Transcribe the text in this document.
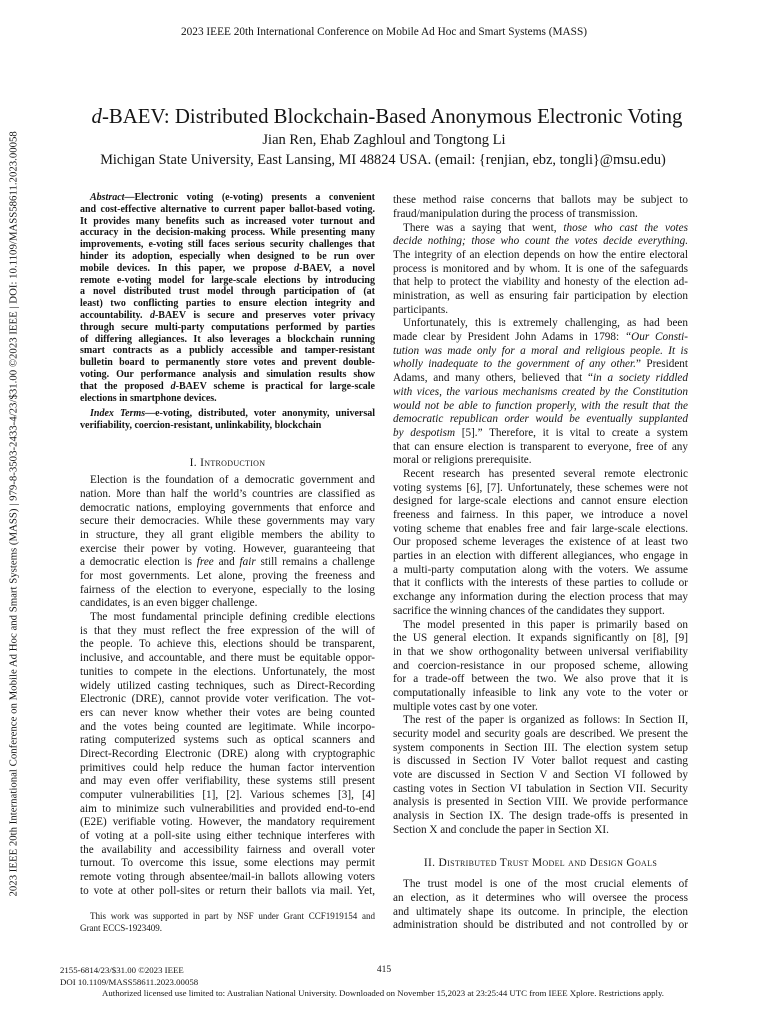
2023 IEEE 20th International Conference on Mobile Ad Hoc and Smart Systems (MASS)
2023 IEEE 20th International Conference on Mobile Ad Hoc and Smart Systems (MASS) | 979-8-3503-2433-4/23/$31.00 ©2023 IEEE | DOI: 10.1109/MASS58611.2023.00058
d-BAEV: Distributed Blockchain-Based Anonymous Electronic Voting
Jian Ren, Ehab Zaghloul and Tongtong Li
Michigan State University, East Lansing, MI 48824 USA. (email: {renjian, ebz, tongli}@msu.edu)
Abstract—Electronic voting (e-voting) presents a convenient
and cost-effective alternative to current paper ballot-based voting.
It provides many benefits such as increased voter turnout and
accuracy in the decision-making process. While presenting many
improvements, e-voting still faces serious security challenges that
hinder its adoption, especially when designed to be run over
mobile devices. In this paper, we propose d-BAEV, a novel
remote e-voting model for large-scale elections by introducing
a novel distributed trust model through participation of (at
least) two conflicting parties to ensure election integrity and
accountability. d-BAEV is secure and preserves voter privacy
through secure multi-party computations performed by parties
of differing allegiances. It also leverages a blockchain running
smart contracts as a publicly accessible and tamper-resistant
bulletin board to permanently store votes and prevent double-
voting. Our performance analysis and simulation results show
that the proposed d-BAEV scheme is practical for large-scale
elections in smartphone devices.
Index Terms—e-voting, distributed, voter anonymity, universal
verifiability, coercion-resistant, unlinkability, blockchain
I. Introduction
Election is the foundation of a democratic government and
nation. More than half the world’s countries are classified as
democratic nations, employing governments that enforce and
secure their democracies. While these governments may vary
in structure, they all grant eligible members the ability to
exercise their power by voting. However, guaranteeing that
a democratic election is free and fair still remains a challenge
for most governments. Let alone, proving the freeness and
fairness of the election to everyone, especially to the losing
candidates, is an even bigger challenge.
The most fundamental principle defining credible elections
is that they must reflect the free expression of the will of
the people. To achieve this, elections should be transparent,
inclusive, and accountable, and there must be equitable oppor-
tunities to compete in the elections. Unfortunately, the most
widely utilized casting techniques, such as Direct-Recording
Electronic (DRE), cannot provide voter verification. The vot-
ers can never know whether their votes are being counted
and the votes being counted are legitimate. While incorpo-
rating computerized systems such as optical scanners and
Direct-Recording Electronic (DRE) along with cryptographic
primitives could help reduce the human factor intervention
and may even offer verifiability, these systems still present
computer vulnerabilities [1], [2]. Various schemes [3], [4]
aim to minimize such vulnerabilities and provided end-to-end
(E2E) verifiable voting. However, the mandatory requirement
of voting at a poll-site using either technique interferes with
the availability and accessibility fairness and overall voter
turnout. To overcome this issue, some elections may permit
remote voting through absentee/mail-in ballots allowing voters
to vote at other poll-sites or return their ballots via mail. Yet,
This work was supported in part by NSF under Grant CCF1919154 and
Grant ECCS-1923409.
these method raise concerns that ballots may be subject to
fraud/manipulation during the process of transmission.
There was a saying that went, those who cast the votes
decide nothing; those who count the votes decide everything.
The integrity of an election depends on how the entire electoral
process is monitored and by whom. It is one of the safeguards
that help to protect the viability and honesty of the election ad-
ministration, as well as ensuring fair participation by election
participants.
Unfortunately, this is extremely challenging, as had been
made clear by President John Adams in 1798: “Our Consti-
tution was made only for a moral and religious people. It is
wholly inadequate to the government of any other.” President
Adams, and many others, believed that “in a society riddled
with vices, the various mechanisms created by the Constitution
would not be able to function properly, with the result that the
democratic republican order would be eventually supplanted
by despotism [5].” Therefore, it is vital to create a system
that can ensure election is transparent to everyone, free of any
moral or religions prerequisite.
Recent research has presented several remote electronic
voting systems [6], [7]. Unfortunately, these schemes were not
designed for large-scale elections and cannot ensure election
freeness and fairness. In this paper, we introduce a novel
voting scheme that enables free and fair large-scale elections.
Our proposed scheme leverages the existence of at least two
parties in an election with different allegiances, who engage in
a multi-party computation along with the voters. We assume
that it conflicts with the interests of these parties to collude or
exchange any information during the election process that may
sacrifice the winning chances of the candidates they support.
The model presented in this paper is primarily based on
the US general election. It expands significantly on [8], [9]
in that we show orthogonality between universal verifiability
and coercion-resistance in our proposed scheme, allowing
for a trade-off between the two. We also prove that it is
computationally infeasible to link any vote to the voter or
multiple votes cast by one voter.
The rest of the paper is organized as follows: In Section II,
security model and security goals are described. We present the
system components in Section III. The election system setup
is discussed in Section IV Voter ballot request and casting
vote are discussed in Section V and Section VI followed by
casting votes in Section VI tabulation in Section VII. Security
analysis is presented in Section VIII. We provide performance
analysis in Section IX. The design trade-offs is presented in
Section X and conclude the paper in Section XI.
II. Distributed Trust Model and Design Goals
The trust model is one of the most crucial elements of
an election, as it determines who will oversee the process
and ultimately shape its outcome. In principle, the election
administration should be distributed and not controlled by or
2155-6814/23/$31.00 ©2023 IEEE
DOI 10.1109/MASS58611.2023.00058
415
Authorized licensed use limited to: Australian National University. Downloaded on November 15,2023 at 23:25:44 UTC from IEEE Xplore. Restrictions apply.
